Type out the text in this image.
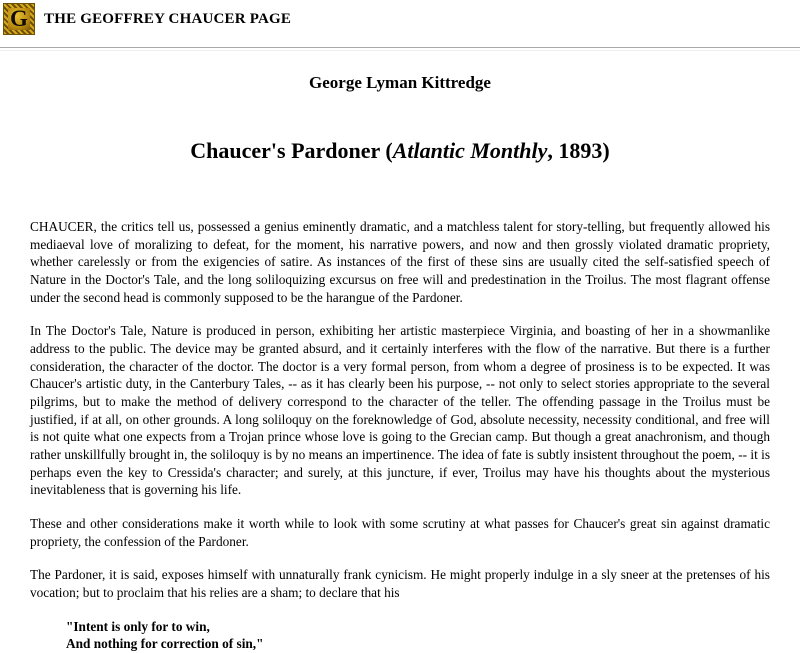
G	THE GEOFFREY CHAUCER PAGE
George Lyman Kittredge
Chaucer's Pardoner (Atlantic Monthly, 1893)

CHAUCER, the critics tell us, possessed a genius eminently dramatic, and a matchless talent for story-telling, but frequently allowed his mediaeval love of moralizing to defeat, for the moment, his narrative powers, and now and then grossly violated dramatic propriety, whether carelessly or from the exigencies of satire. As instances of the first of these sins are usually cited the self-satisfied speech of Nature in the Doctor's Tale, and the long soliloquizing excursus on free will and predestination in the Troilus. The most flagrant offense under the second head is commonly supposed to be the harangue of the Pardoner.

In The Doctor's Tale, Nature is produced in person, exhibiting her artistic masterpiece Virginia, and boasting of her in a showmanlike address to the public. The device may be granted absurd, and it certainly interferes with the flow of the narrative. But there is a further consideration, the character of the doctor. The doctor is a very formal person, from whom a degree of prosiness is to be expected. It was Chaucer's artistic duty, in the Canterbury Tales, -- as it has clearly been his purpose, -- not only to select stories appropriate to the several pilgrims, but to make the method of delivery correspond to the character of the teller. The offending passage in the Troilus must be justified, if at all, on other grounds. A long soliloquy on the foreknowledge of God, absolute necessity, necessity conditional, and free will is not quite what one expects from a Trojan prince whose love is going to the Grecian camp. But though a great anachronism, and though rather unskillfully brought in, the soliloquy is by no means an impertinence. The idea of fate is subtly insistent throughout the poem, -- it is perhaps even the key to Cressida's character; and surely, at this juncture, if ever, Troilus may have his thoughts about the mysterious inevitableness that is governing his life.

These and other considerations make it worth while to look with some scrutiny at what passes for Chaucer's great sin against dramatic propriety, the confession of the Pardoner.

The Pardoner, it is said, exposes himself with unnaturally frank cynicism. He might properly indulge in a sly sneer at the pretenses of his vocation; but to proclaim that his relies are a sham; to declare that his

"Intent is only for to win,
And nothing for correction of sin,"
